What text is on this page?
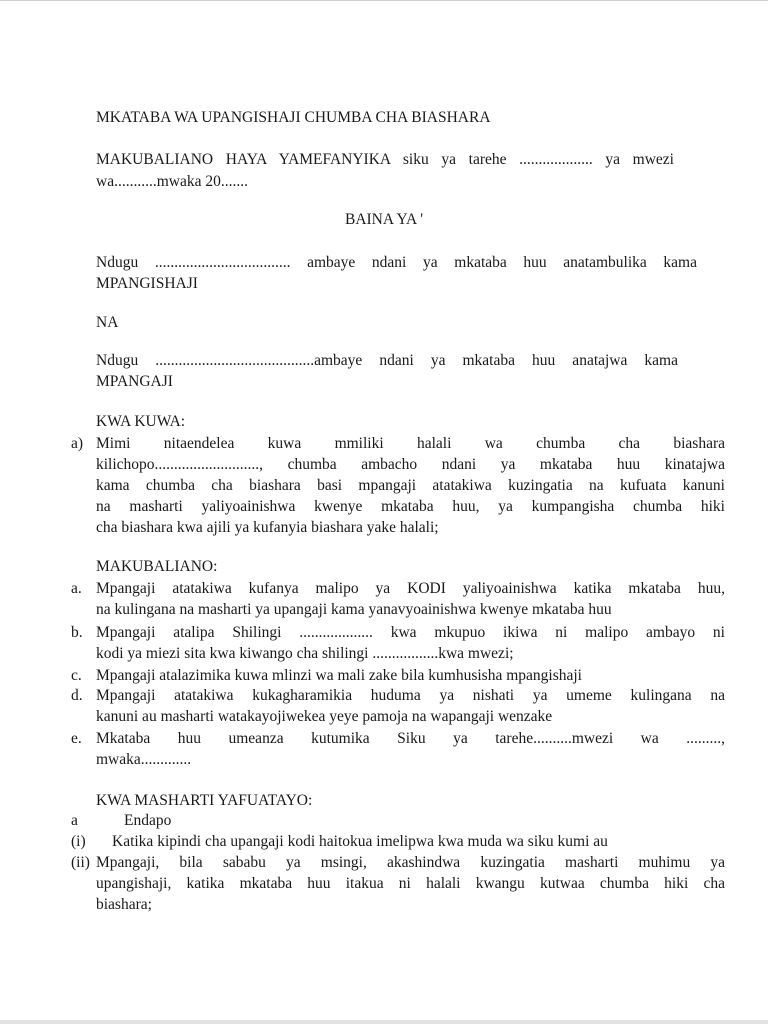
MKATABA WA UPANGISHAJI CHUMBA CHA BIASHARA
MAKUBALIANO HAYA YAMEFANYIKA siku ya tarehe ................... ya mwezi
wa...........mwaka 20.......
BAINA YA '
Ndugu ................................... ambaye ndani ya mkataba huu anatambulika kama
MPANGISHAJI
NA
Ndugu .........................................ambaye ndani ya mkataba huu anatajwa kama
MPANGAJI
KWA KUWA:
a) Mimi nitaendelea kuwa mmiliki halali wa chumba cha biashara
kilichopo..........................., chumba ambacho ndani ya mkataba huu kinatajwa
kama chumba cha biashara basi mpangaji atatakiwa kuzingatia na kufuata kanuni
na masharti yaliyoainishwa kwenye mkataba huu, ya kumpangisha chumba hiki
cha biashara kwa ajili ya kufanyia biashara yake halali;
MAKUBALIANO:
a. Mpangaji atatakiwa kufanya malipo ya KODI yaliyoainishwa katika mkataba huu,
na kulingana na masharti ya upangaji kama yanavyoainishwa kwenye mkataba huu
b. Mpangaji atalipa Shilingi ................... kwa mkupuo ikiwa ni malipo ambayo ni
kodi ya miezi sita kwa kiwango cha shilingi .................kwa mwezi;
c. Mpangaji atalazimika kuwa mlinzi wa mali zake bila kumhusisha mpangishaji
d. Mpangaji atatakiwa kukagharamikia huduma ya nishati ya umeme kulingana na
kanuni au masharti watakayojiwekea yeye pamoja na wapangaji wenzake
e. Mkataba huu umeanza kutumika Siku ya tarehe..........mwezi wa .........,
mwaka.............
KWA MASHARTI YAFUATAYO:
a	Endapo
(i) Katika kipindi cha upangaji kodi haitokua imelipwa kwa muda wa siku kumi au
(ii) Mpangaji, bila sababu ya msingi, akashindwa kuzingatia masharti muhimu ya
upangishaji, katika mkataba huu itakua ni halali kwangu kutwaa chumba hiki cha
biashara;
